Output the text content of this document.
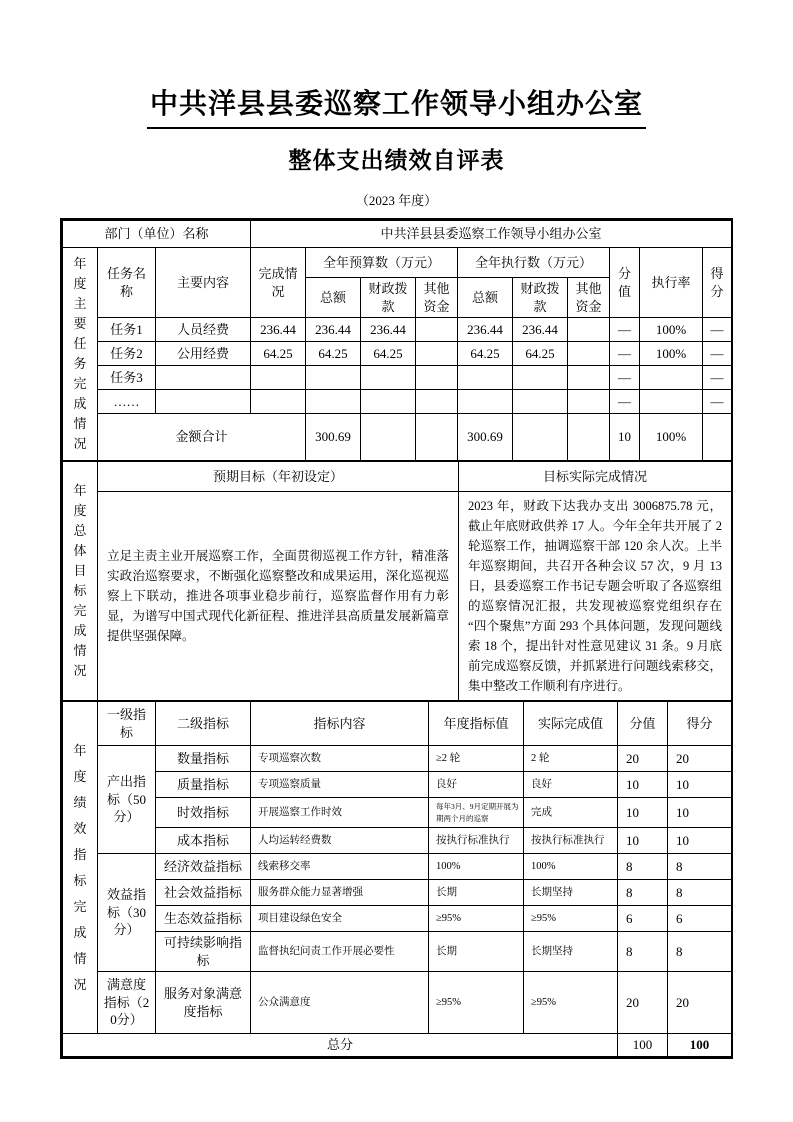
中共洋县县委巡察工作领导小组办公室
整体支出绩效自评表
（2023 年度）
部门（单位）名称			中共洋县县委巡察工作领导小组办公室									

年度主要任务完成情况	任务名称	主要内容	完成情况	全年预算数（万元）			全年执行数（万元）			分值	执行率	得分
				总额	财政拨款	其他资金	总额	财政拨款	其他资金			
	任务1	人员经费	236.44	236.44	236.44		236.44	236.44		—	100%	—
	任务2	公用经费	64.25	64.25	64.25		64.25	64.25		—	100%	—
	任务3									—		—
	……									—		—
	金额合计			300.69			300.69			10	100%	
年度总体目标完成情况	预期目标（年初设定）	目标实际完成情况
	立足主责主业开展巡察工作，全面贯彻巡视工作方针，精准落实政治巡察要求，不断强化巡察整改和成果运用，深化巡视巡察上下联动，推进各项事业稳步前行，巡察监督作用有力彰显，为谱写中国式现代化新征程、推进洋县高质量发展新篇章提供坚强保障。	2023 年，财政下达我办支出 3006875.78 元，截止年底财政供养 17 人。今年全年共开展了 2 轮巡察工作，抽调巡察干部 120 余人次。上半年巡察期间，共召开各种会议 57 次，9 月 13 日，县委巡察工作书记专题会听取了各巡察组的巡察情况汇报，共发现被巡察党组织存在“四个聚焦”方面 293 个具体问题，发现问题线索 18 个，提出针对性意见建议 31 条。9 月底前完成巡察反馈，并抓紧进行问题线索移交，集中整改工作顺利有序进行。
年度绩效指标完成情况	一级指标	二级指标	指标内容	年度指标值	实际完成值	分值	得分
	产出指标（50分）	数量指标	专项巡察次数	≥2 轮	2 轮	20	20
		质量指标	专项巡察质量	良好	良好	10	10
		时效指标	开展巡察工作时效	每年3月、9月定期开展为期两个月的巡察	完成	10	10
		成本指标	人均运转经费数	按执行标准执行	按执行标准执行	10	10
	效益指标（30分）	经济效益指标	线索移交率	100%	100%	8	8
		社会效益指标	服务群众能力显著增强	长期	长期坚持	8	8
		生态效益指标	项目建设绿色安全	≥95%	≥95%	6	6
		可持续影响指标	监督执纪问责工作开展必要性	长期	长期坚持	8	8
	满意度指标（20分）	服务对象满意度指标	公众满意度	≥95%	≥95%	20	20
总分						100	100
